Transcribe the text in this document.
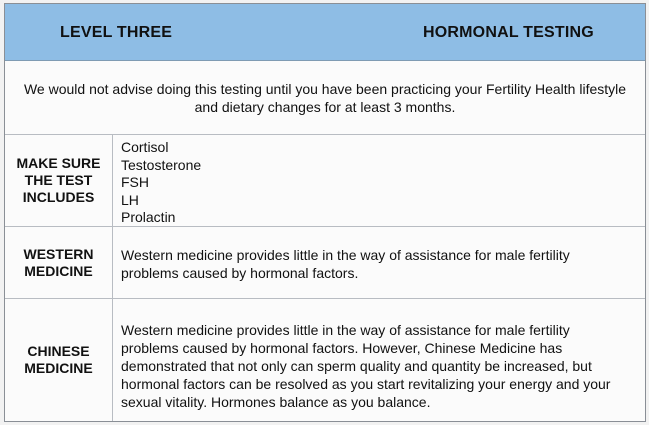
LEVEL THREE	HORMONAL TESTING
We would not advise doing this testing until you have been practicing your Fertility Health lifestyle and dietary changes for at least 3 months.
MAKE SURE THE TEST INCLUDES
Cortisol
Testosterone
FSH
LH
Prolactin
WESTERN MEDICINE
Western medicine provides little in the way of assistance for male fertility problems caused by hormonal factors.
CHINESE MEDICINE
Western medicine provides little in the way of assistance for male fertility problems caused by hormonal factors. However, Chinese Medicine has demonstrated that not only can sperm quality and quantity be increased, but hormonal factors can be resolved as you start revitalizing your energy and your sexual vitality. Hormones balance as you balance.
